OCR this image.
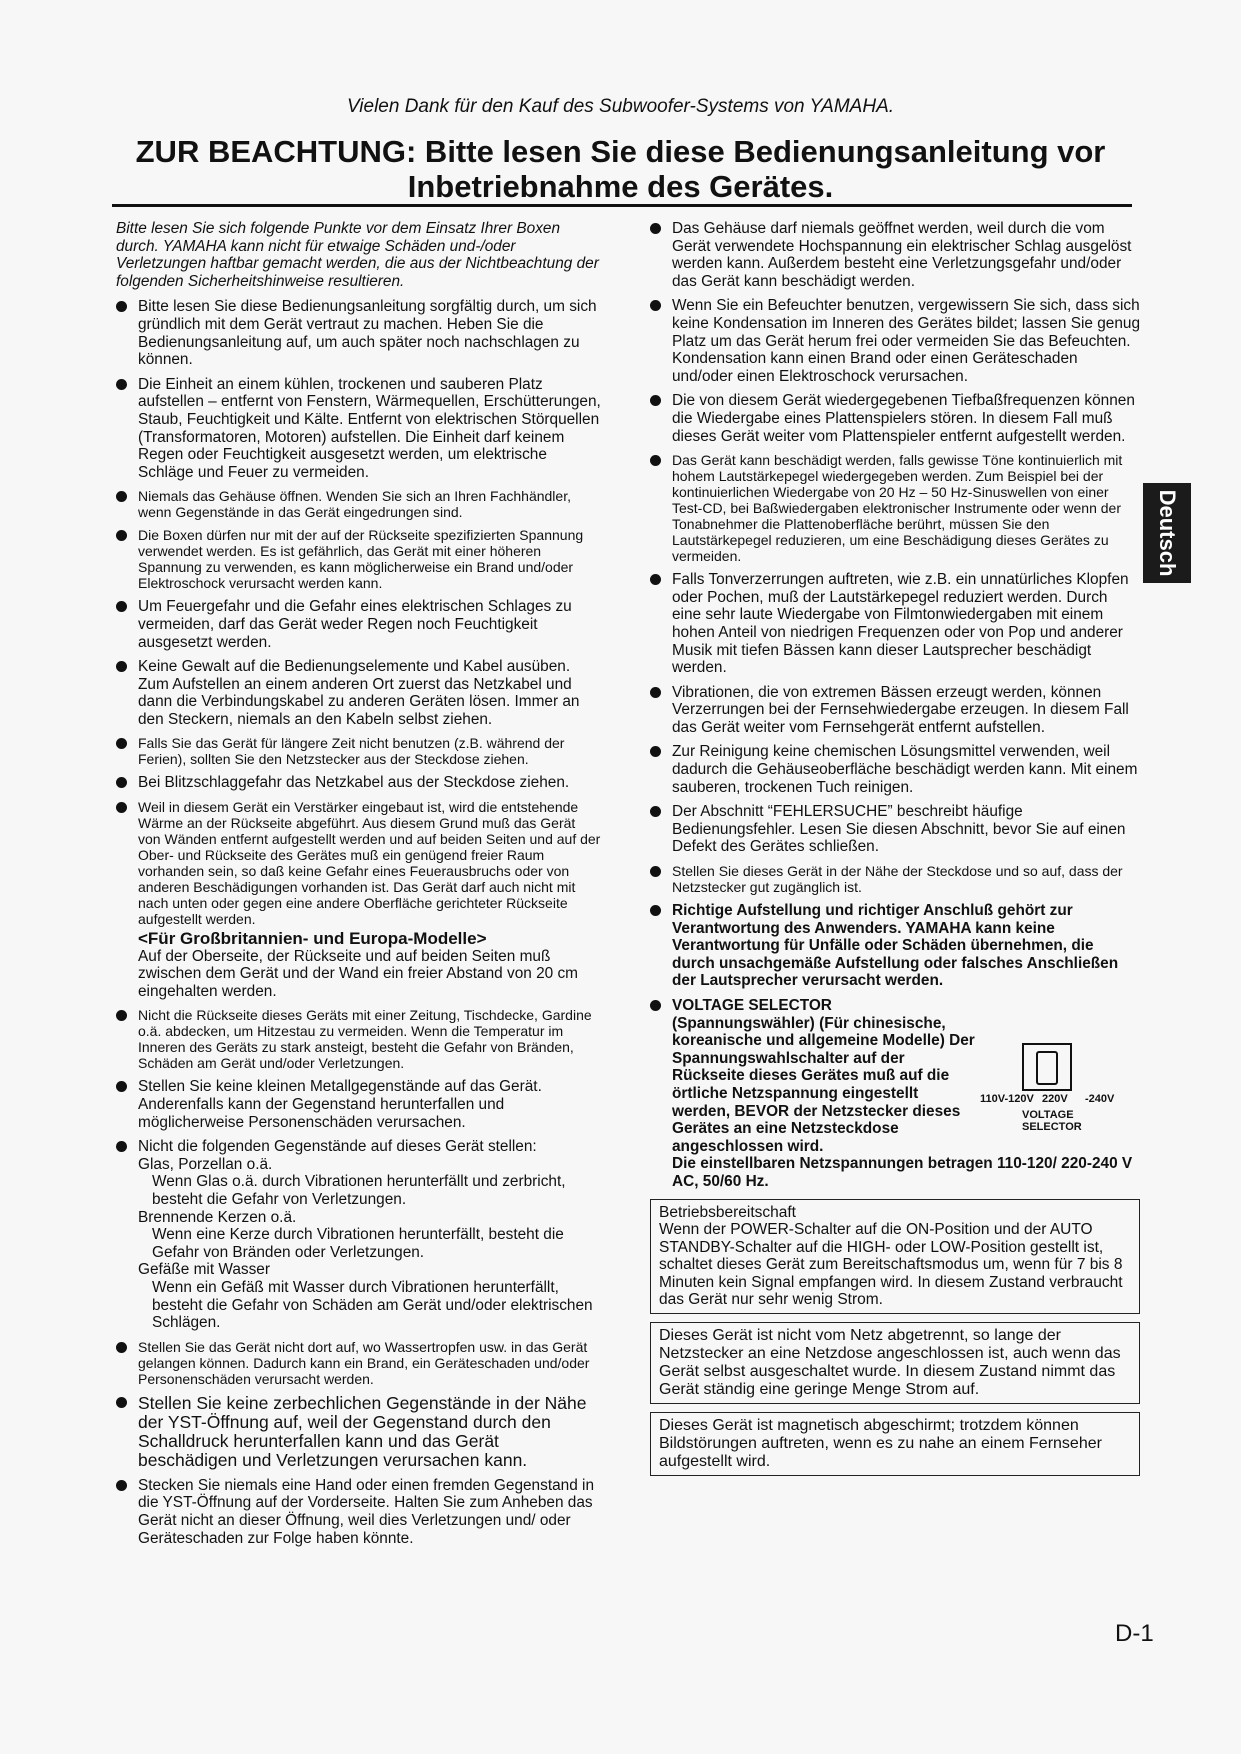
Vielen Dank für den Kauf des Subwoofer-Systems von YAMAHA.
ZUR BEACHTUNG: Bitte lesen Sie diese Bedienungsanleitung vor
Inbetriebnahme des Gerätes.

Bitte lesen Sie sich folgende Punkte vor dem Einsatz Ihrer Boxen durch. YAMAHA kann nicht für etwaige Schäden und-/oder Verletzungen haftbar gemacht werden, die aus der Nichtbeachtung der folgenden Sicherheitshinweise resultieren.

Bitte lesen Sie diese Bedienungsanleitung sorgfältig durch, um sich gründlich mit dem Gerät vertraut zu machen. Heben Sie die Bedienungsanleitung auf, um auch später noch nachschlagen zu können.
Die Einheit an einem kühlen, trockenen und sauberen Platz aufstellen – entfernt von Fenstern, Wärmequellen, Erschütterungen, Staub, Feuchtigkeit und Kälte. Entfernt von elektrischen Störquellen (Transformatoren, Motoren) aufstellen. Die Einheit darf keinem Regen oder Feuchtigkeit ausgesetzt werden, um elektrische Schläge und Feuer zu vermeiden.
Niemals das Gehäuse öffnen. Wenden Sie sich an Ihren Fachhändler, wenn Gegenstände in das Gerät eingedrungen sind.
Die Boxen dürfen nur mit der auf der Rückseite spezifizierten Spannung verwendet werden. Es ist gefährlich, das Gerät mit einer höheren Spannung zu verwenden, es kann möglicherweise ein Brand und/oder Elektroschock verursacht werden kann.
Um Feuergefahr und die Gefahr eines elektrischen Schlages zu vermeiden, darf das Gerät weder Regen noch Feuchtigkeit ausgesetzt werden.
Keine Gewalt auf die Bedienungselemente und Kabel ausüben. Zum Aufstellen an einem anderen Ort zuerst das Netzkabel und dann die Verbindungskabel zu anderen Geräten lösen. Immer an den Steckern, niemals an den Kabeln selbst ziehen.
Falls Sie das Gerät für längere Zeit nicht benutzen (z.B. während der Ferien), sollten Sie den Netzstecker aus der Steckdose ziehen.
Bei Blitzschlaggefahr das Netzkabel aus der Steckdose ziehen.
Weil in diesem Gerät ein Verstärker eingebaut ist, wird die entstehende Wärme an der Rückseite abgeführt. Aus diesem Grund muß das Gerät von Wänden entfernt aufgestellt werden und auf beiden Seiten und auf der Ober- und Rückseite des Gerätes muß ein genügend freier Raum vorhanden sein, so daß keine Gefahr eines Feuerausbruchs oder von anderen Beschädigungen vorhanden ist. Das Gerät darf auch nicht mit nach unten oder gegen eine andere Oberfläche gerichteter Rückseite aufgestellt werden.
<Für Großbritannien- und Europa-Modelle>
Auf der Oberseite, der Rückseite und auf beiden Seiten muß zwischen dem Gerät und der Wand ein freier Abstand von 20 cm eingehalten werden.
Nicht die Rückseite dieses Geräts mit einer Zeitung, Tischdecke, Gardine o.ä. abdecken, um Hitzestau zu vermeiden. Wenn die Temperatur im Inneren des Geräts zu stark ansteigt, besteht die Gefahr von Bränden, Schäden am Gerät und/oder Verletzungen.
Stellen Sie keine kleinen Metallgegenstände auf das Gerät. Anderenfalls kann der Gegenstand herunterfallen und möglicherweise Personenschäden verursachen.
Nicht die folgenden Gegenstände auf dieses Gerät stellen:
Glas, Porzellan o.ä.
Wenn Glas o.ä. durch Vibrationen herunterfällt und zerbricht, besteht die Gefahr von Verletzungen.
Brennende Kerzen o.ä.
Wenn eine Kerze durch Vibrationen herunterfällt, besteht die Gefahr von Bränden oder Verletzungen.
Gefäße mit Wasser
Wenn ein Gefäß mit Wasser durch Vibrationen herunterfällt, besteht die Gefahr von Schäden am Gerät und/oder elektrischen Schlägen.
Stellen Sie das Gerät nicht dort auf, wo Wassertropfen usw. in das Gerät gelangen können. Dadurch kann ein Brand, ein Geräteschaden und/oder Personenschäden verursacht werden.
Stellen Sie keine zerbechlichen Gegenstände in der Nähe der YST-Öffnung auf, weil der Gegenstand durch den Schalldruck herunterfallen kann und das Gerät beschädigen und Verletzungen verursachen kann.
Stecken Sie niemals eine Hand oder einen fremden Gegenstand in die YST-Öffnung auf der Vorderseite. Halten Sie zum Anheben das Gerät nicht an dieser Öffnung, weil dies Verletzungen und/ oder Geräteschaden zur Folge haben könnte.
Das Gehäuse darf niemals geöffnet werden, weil durch die vom Gerät verwendete Hochspannung ein elektrischer Schlag ausgelöst werden kann. Außerdem besteht eine Verletzungsgefahr und/oder das Gerät kann beschädigt werden.
Wenn Sie ein Befeuchter benutzen, vergewissern Sie sich, dass sich keine Kondensation im Inneren des Gerätes bildet; lassen Sie genug Platz um das Gerät herum frei oder vermeiden Sie das Befeuchten. Kondensation kann einen Brand oder einen Geräteschaden und/oder einen Elektroschock verursachen.
Die von diesem Gerät wiedergegebenen Tiefbaßfrequenzen können die Wiedergabe eines Plattenspielers stören. In diesem Fall muß dieses Gerät weiter vom Plattenspieler entfernt aufgestellt werden.
Das Gerät kann beschädigt werden, falls gewisse Töne kontinuierlich mit hohem Lautstärkepegel wiedergegeben werden. Zum Beispiel bei der kontinuierlichen Wiedergabe von 20 Hz – 50 Hz-Sinuswellen von einer Test-CD, bei Baßwiedergaben elektronischer Instrumente oder wenn der Tonabnehmer die Plattenoberfläche berührt, müssen Sie den Lautstärkepegel reduzieren, um eine Beschädigung dieses Gerätes zu vermeiden.
Falls Tonverzerrungen auftreten, wie z.B. ein unnatürliches Klopfen oder Pochen, muß der Lautstärkepegel reduziert werden. Durch eine sehr laute Wiedergabe von Filmtonwiedergaben mit einem hohen Anteil von niedrigen Frequenzen oder von Pop und anderer Musik mit tiefen Bässen kann dieser Lautsprecher beschädigt werden.
Vibrationen, die von extremen Bässen erzeugt werden, können Verzerrungen bei der Fernsehwiedergabe erzeugen. In diesem Fall das Gerät weiter vom Fernsehgerät entfernt aufstellen.
Zur Reinigung keine chemischen Lösungsmittel verwenden, weil dadurch die Gehäuseoberfläche beschädigt werden kann. Mit einem sauberen, trockenen Tuch reinigen.
Der Abschnitt “FEHLERSUCHE” beschreibt häufige Bedienungsfehler. Lesen Sie diesen Abschnitt, bevor Sie auf einen Defekt des Gerätes schließen.
Stellen Sie dieses Gerät in der Nähe der Steckdose und so auf, dass der Netzstecker gut zugänglich ist.
Richtige Aufstellung und richtiger Anschluß gehört zur Verantwortung des Anwenders. YAMAHA kann keine Verantwortung für Unfälle oder Schäden übernehmen, die durch unsachgemäße Aufstellung oder falsches Anschließen der Lautsprecher verursacht werden.
VOLTAGE SELECTOR (Spannungswähler) (Für chinesische, koreanische und allgemeine Modelle) Der Spannungswahlschalter auf der Rückseite dieses Gerätes muß auf die örtliche Netzspannung eingestellt werden, BEVOR der Netzstecker dieses Gerätes an eine Netzsteckdose angeschlossen wird.
Die einstellbaren Netzspannungen betragen 110-120/ 220-240 V AC, 50/60 Hz.
110V-120V 220V -240V
VOLTAGE
SELECTOR
Betriebsbereitschaft
Wenn der POWER-Schalter auf die ON-Position und der AUTO STANDBY-Schalter auf die HIGH- oder LOW-Position gestellt ist, schaltet dieses Gerät zum Bereitschaftsmodus um, wenn für 7 bis 8 Minuten kein Signal empfangen wird. In diesem Zustand verbraucht das Gerät nur sehr wenig Strom.
Dieses Gerät ist nicht vom Netz abgetrennt, so lange der Netzstecker an eine Netzdose angeschlossen ist, auch wenn das Gerät selbst ausgeschaltet wurde. In diesem Zustand nimmt das Gerät ständig eine geringe Menge Strom auf.
Dieses Gerät ist magnetisch abgeschirmt; trotzdem können Bildstörungen auftreten, wenn es zu nahe an einem Fernseher aufgestellt wird.
Deutsch
D-1
